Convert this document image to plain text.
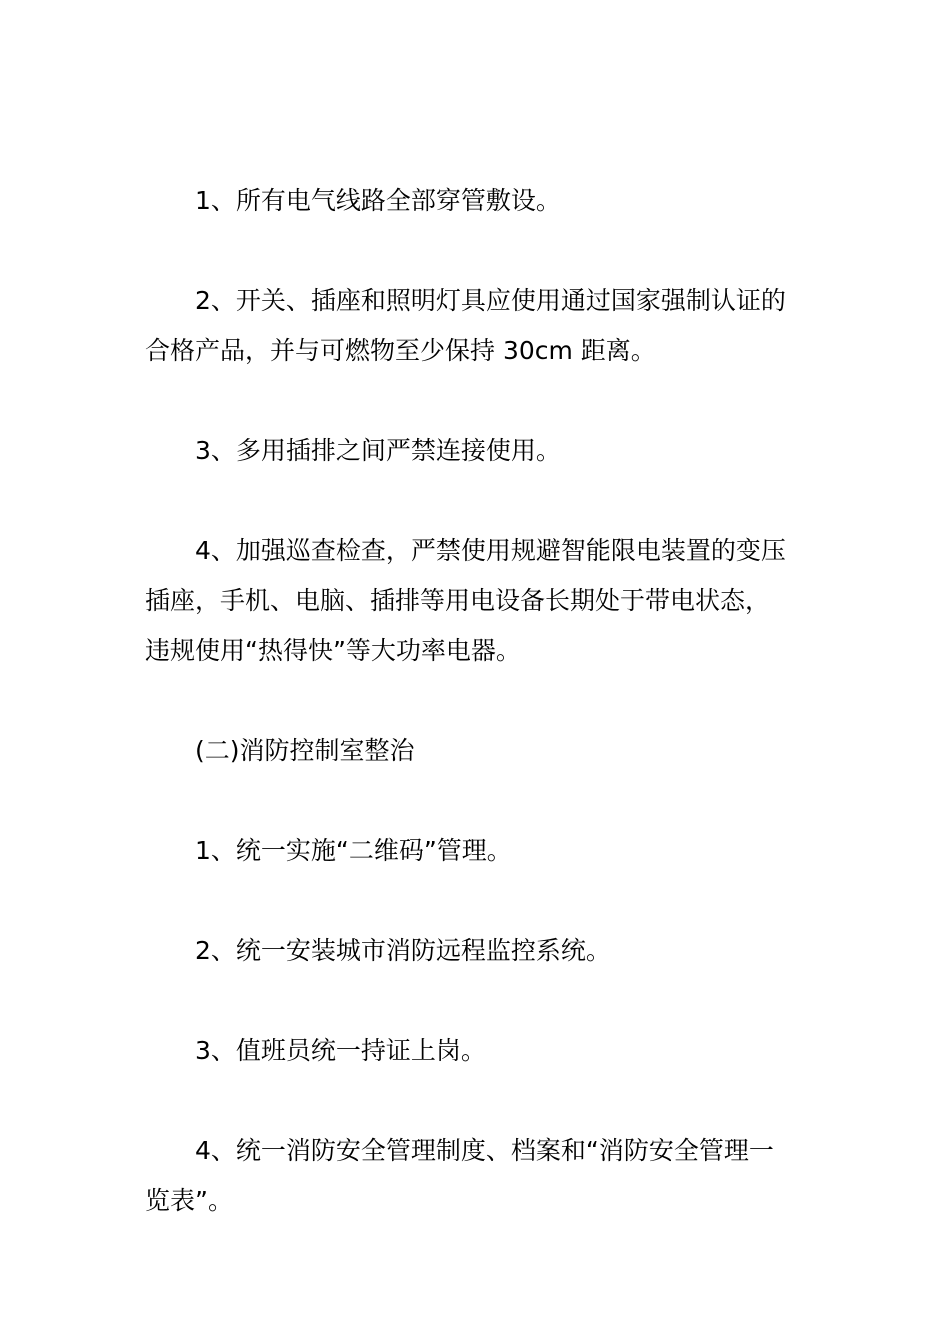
1、所有电气线路全部穿管敷设。

2、开关、插座和照明灯具应使用通过国家强制认证的
合格产品，并与可燃物至少保持 30cm 距离。

3、多用插排之间严禁连接使用。

4、加强巡查检查，严禁使用规避智能限电装置的变压
插座，手机、电脑、插排等用电设备长期处于带电状态，
违规使用“热得快”等大功率电器。

(二)消防控制室整治

1、统一实施“二维码”管理。

2、统一安装城市消防远程监控系统。

3、值班员统一持证上岗。

4、统一消防安全管理制度、档案和“消防安全管理一
览表”。
